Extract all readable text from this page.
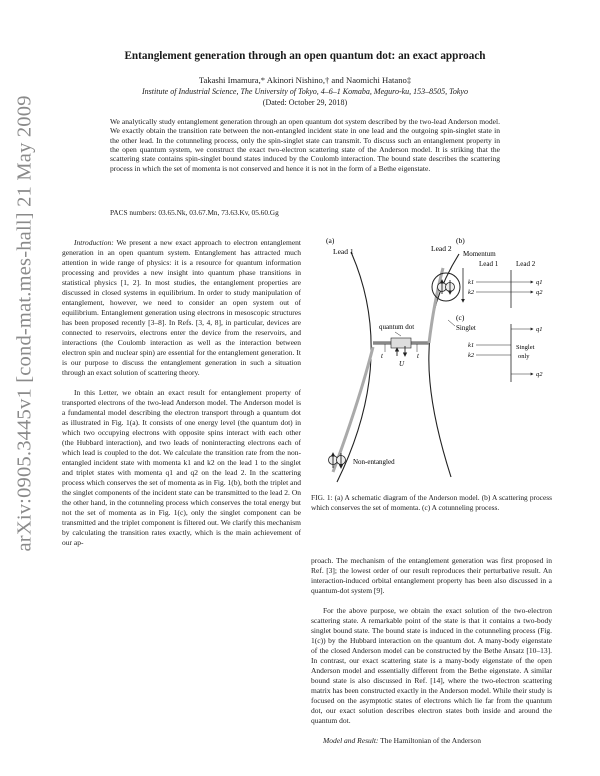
arXiv:0905.3445v1 [cond-mat.mes-hall] 21 May 2009
Entanglement generation through an open quantum dot: an exact approach
Takashi Imamura,* Akinori Nishino,† and Naomichi Hatano‡
Institute of Industrial Science, The University of Tokyo, 4–6–1 Komaba, Meguro-ku, 153–8505, Tokyo
(Dated: October 29, 2018)
We analytically study entanglement generation through an open quantum dot system described by the two-lead Anderson model. We exactly obtain the transition rate between the non-entangled incident state in one lead and the outgoing spin-singlet state in the other lead. In the cotunneling process, only the spin-singlet state can transmit. To discuss such an entanglement property in the open quantum system, we construct the exact two-electron scattering state of the Anderson model. It is striking that the scattering state contains spin-singlet bound states induced by the Coulomb interaction. The bound state describes the scattering process in which the set of momenta is not conserved and hence it is not in the form of a Bethe eigenstate.
PACS numbers: 03.65.Nk, 03.67.Mn, 73.63.Kv, 05.60.Gg

Introduction: We present a new exact approach to electron entanglement generation in an open quantum system. Entanglement has attracted much attention in wide range of physics: it is a resource for quantum information processing and provides a new insight into quantum phase transitions in statistical physics [1, 2]. In most studies, the entanglement properties are discussed in closed systems in equilibrium. In order to study manipulation of entanglement, however, we need to consider an open system out of equilibrium. Entanglement generation using electrons in mesoscopic structures has been proposed recently [3–8]. In Refs. [3, 4, 8], in particular, devices are connected to reservoirs, electrons enter the device from the reservoirs, and interactions (the Coulomb interaction as well as the interaction between electron spin and nuclear spin) are essential for the entanglement generation. It is our purpose to discuss the entanglement generation in such a situation through an exact solution of scattering theory.

In this Letter, we obtain an exact result for entanglement property of transported electrons of the two-lead Anderson model. The Anderson model is a fundamental model describing the electron transport through a quantum dot as illustrated in Fig. 1(a). It consists of one energy level (the quantum dot) in which two occupying electrons with opposite spins interact with each other (the Hubbard interaction), and two leads of noninteracting electrons each of which lead is coupled to the dot. We calculate the transition rate from the non-entangled incident state with momenta k1 and k2 on the lead 1 to the singlet and triplet states with momenta q1 and q2 on the lead 2. In the scattering process which conserves the set of momenta as in Fig. 1(b), both the triplet and the singlet components of the incident state can be transmitted to the lead 2. On the other hand, in the cotunneling process which conserves the total energy but not the set of momenta as in Fig. 1(c), only the singlet component can be transmitted and the triplet component is filtered out. We clarify this mechanism by calculating the transition rates exactly, which is the main achievement of our ap-

(a)	(b)
(c)
quantum dot
U
t	t
Lead 1	Lead 2
Singlet
Non-entangled
Momentum
Lead 1	Lead 2
k1
k2
q1
q2
k1
k2
q1
q2
Singlet
only
FIG. 1: (a) A schematic diagram of the Anderson model. (b) A scattering process which conserves the set of momenta. (c) A cotunneling process.

proach. The mechanism of the entanglement generation was first proposed in Ref. [3]; the lowest order of our result reproduces their perturbative result. An interaction-induced orbital entanglement property has been also discussed in a quantum-dot system [9].

For the above purpose, we obtain the exact solution of the two-electron scattering state. A remarkable point of the state is that it contains a two-body singlet bound state. The bound state is induced in the cotunneling process (Fig. 1(c)) by the Hubbard interaction on the quantum dot. A many-body eigenstate of the closed Anderson model can be constructed by the Bethe Ansatz [10–13]. In contrast, our exact scattering state is a many-body eigenstate of the open Anderson model and essentially different from the Bethe eigenstate. A similar bound state is also discussed in Ref. [14], where the two-electron scattering matrix has been constructed exactly in the Anderson model. While their study is focused on the asymptotic states of electrons which lie far from the quantum dot, our exact solution describes electron states both inside and around the quantum dot.

Model and Result: The Hamiltonian of the Anderson
